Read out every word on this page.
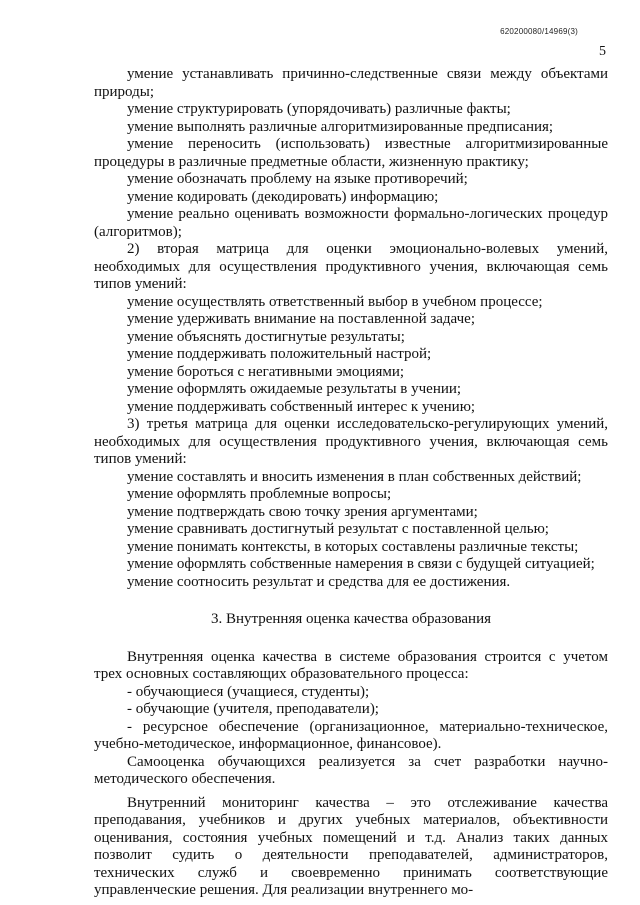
620200080/14969(3)
5

умение устанавливать причинно-следственные связи между объектами природы;

умение структурировать (упорядочивать) различные факты;

умение выполнять различные алгоритмизированные предписания;

умение переносить (использовать) известные алгоритмизированные процедуры в различные предметные области, жизненную практику;

умение обозначать проблему на языке противоречий;

умение кодировать (декодировать) информацию;

умение реально оценивать возможности формально-логических процедур (алгоритмов);

2) вторая матрица для оценки эмоционально-волевых умений, необходимых для осуществления продуктивного учения, включающая семь типов умений:

умение осуществлять ответственный выбор в учебном процессе;

умение удерживать внимание на поставленной задаче;

умение объяснять достигнутые результаты;

умение поддерживать положительный настрой;

умение бороться с негативными эмоциями;

умение оформлять ожидаемые результаты в учении;

умение поддерживать собственный интерес к учению;

3) третья матрица для оценки исследовательско-регулирующих умений, необходимых для осуществления продуктивного учения, включающая семь типов умений:

умение составлять и вносить изменения в план собственных действий;

умение оформлять проблемные вопросы;

умение подтверждать свою точку зрения аргументами;

умение сравнивать достигнутый результат с поставленной целью;

умение понимать контексты, в которых составлены различные тексты;

умение оформлять собственные намерения в связи с будущей ситуацией;

умение соотносить результат и средства для ее достижения.

3. Внутренняя оценка качества образования

Внутренняя оценка качества в системе образования строится с учетом трех основных составляющих образовательного процесса:

- обучающиеся (учащиеся, студенты);

- обучающие (учителя, преподаватели);

- ресурсное обеспечение (организационное, материально-техническое, учебно-методическое, информационное, финансовое).

Самооценка обучающихся реализуется за счет разработки научно-методического обеспечения.

Внутренний мониторинг качества – это отслеживание качества преподавания, учебников и других учебных материалов, объективности оценивания, состояния учебных помещений и т.д. Анализ таких данных позволит судить о деятельности преподавателей, администраторов, технических служб и своевременно принимать соответствующие управленческие решения. Для реализации внутреннего мо-
